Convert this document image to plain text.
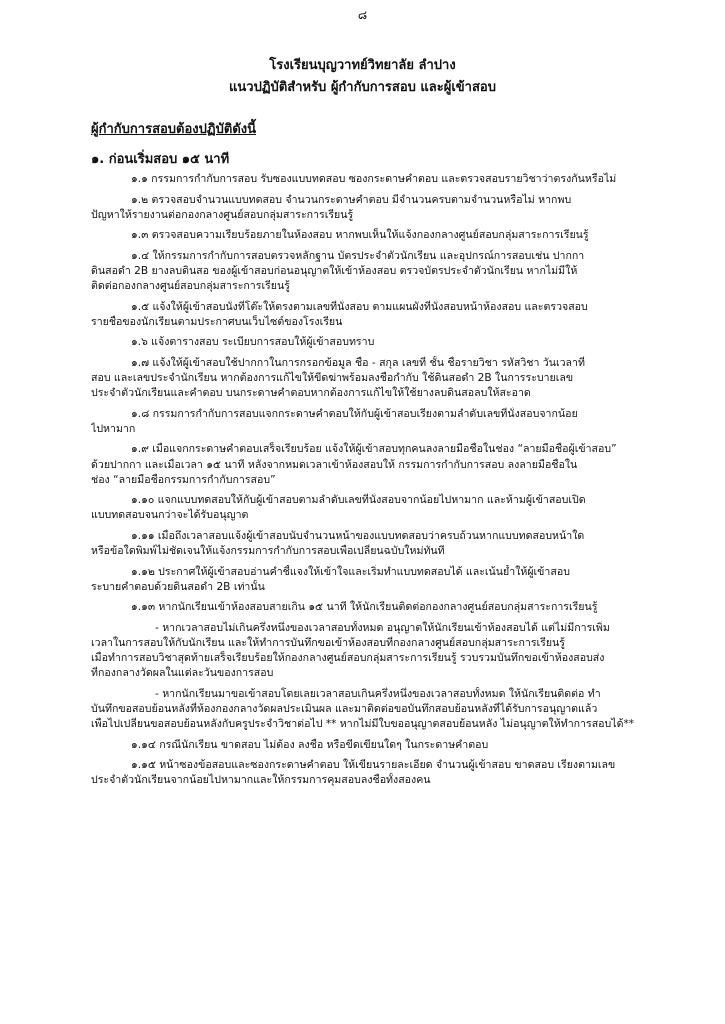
๘
โรงเรียนบุญวาทย์วิทยาลัย ลำปาง
แนวปฏิบัติสำหรับ ผู้กำกับการสอบ และผู้เข้าสอบ
ผู้กำกับการสอบต้องปฏิบัติดังนี้
๑. ก่อนเริ่มสอบ ๑๕ นาที
๑.๑ กรรมการกำกับการสอบ รับซองแบบทดสอบ ซองกระดาษคำตอบ และตรวจสอบรายวิชาว่าตรงกันหรือไม่
๑.๒ ตรวจสอบจำนวนแบบทดสอบ จำนวนกระดาษคำตอบ มีจำนวนครบตามจำนวนหรือไม่ หากพบ
ปัญหาให้รายงานต่อกองกลางศูนย์สอบกลุ่มสาระการเรียนรู้
๑.๓ ตรวจสอบความเรียบร้อยภายในห้องสอบ หากพบเห็นให้แจ้งกองกลางศูนย์สอบกลุ่มสาระการเรียนรู้
๑.๔ ให้กรรมการกำกับการสอบตรวจหลักฐาน บัตรประจำตัวนักเรียน และอุปกรณ์การสอบเช่น ปากกา
ดินสอดำ 2B ยางลบดินสอ ของผู้เข้าสอบก่อนอนุญาตให้เข้าห้องสอบ ตรวจบัตรประจำตัวนักเรียน หากไม่มีให้
ติดต่อกองกลางศูนย์สอบกลุ่มสาระการเรียนรู้
๑.๕ แจ้งให้ผู้เข้าสอบนั่งที่โต๊ะให้ตรงตามเลขที่นั่งสอบ ตามแผนผังที่นั่งสอบหน้าห้องสอบ และตรวจสอบ
รายชื่อของนักเรียนตามประกาศบนเว็บไซต์ของโรงเรียน
๑.๖ แจ้งตารางสอบ ระเบียบการสอบให้ผู้เข้าสอบทราบ
๑.๗ แจ้งให้ผู้เข้าสอบใช้ปากกาในการกรอกข้อมูล ชื่อ - สกุล เลขที่ ชั้น ชื่อรายวิชา รหัสวิชา วันเวลาที่
สอบ และเลขประจำนักเรียน หากต้องการแก้ไขให้ขีดฆ่าพร้อมลงชื่อกำกับ ใช้ดินสอดำ 2B ในการระบายเลข
ประจำตัวนักเรียนและคำตอบ บนกระดาษคำตอบหากต้องการแก้ไขให้ใช้ยางลบดินสอลบให้สะอาด
๑.๘ กรรมการกำกับการสอบแจกกระดาษคำตอบให้กับผู้เข้าสอบเรียงตามลำดับเลขที่นั่งสอบจากน้อย
ไปหามาก
๑.๙ เมื่อแจกกระดาษคำตอบเสร็จเรียบร้อย แจ้งให้ผู้เข้าสอบทุกคนลงลายมือชื่อในช่อง “ลายมือชื่อผู้เข้าสอบ”
ด้วยปากกา และเมื่อเวลา ๑๕ นาที หลังจากหมดเวลาเข้าห้องสอบให้ กรรมการกำกับการสอบ ลงลายมือชื่อใน
ช่อง “ลายมือชื่อกรรมการกำกับการสอบ”
๑.๑๐ แจกแบบทดสอบให้กับผู้เข้าสอบตามลำดับเลขที่นั่งสอบจากน้อยไปหามาก และห้ามผู้เข้าสอบเปิด
แบบทดสอบจนกว่าจะได้รับอนุญาต
๑.๑๑ เมื่อถึงเวลาสอบแจ้งผู้เข้าสอบนับจำนวนหน้าของแบบทดสอบว่าครบถ้วนหากแบบทดสอบหน้าใด
หรือข้อใดพิมพ์ไม่ชัดเจนให้แจ้งกรรมการกำกับการสอบเพื่อเปลี่ยนฉบับใหม่ทันที
๑.๑๒ ประกาศให้ผู้เข้าสอบอ่านคำชี้แจงให้เข้าใจและเริ่มทำแบบทดสอบได้ และเน้นย้ำให้ผู้เข้าสอบ
ระบายคำตอบด้วยดินสอดำ 2B เท่านั้น
๑.๑๓ หากนักเรียนเข้าห้องสอบสายเกิน ๑๕ นาที ให้นักเรียนติดต่อกองกลางศูนย์สอบกลุ่มสาระการเรียนรู้
- หากเวลาสอบไม่เกินครึ่งหนึ่งของเวลาสอบทั้งหมด อนุญาตให้นักเรียนเข้าห้องสอบได้ แต่ไม่มีการเพิ่ม
เวลาในการสอบให้กับนักเรียน และให้ทำการบันทึกขอเข้าห้องสอบที่กองกลางศูนย์สอบกลุ่มสาระการเรียนรู้
เมื่อทำการสอบวิชาสุดท้ายเสร็จเรียบร้อยให้กองกลางศูนย์สอบกลุ่มสาระการเรียนรู้ รวบรวมบันทึกขอเข้าห้องสอบส่ง
ที่กองกลางวัดผลในแต่ละวันของการสอบ
- หากนักเรียนมาขอเข้าสอบโดยเลยเวลาสอบเกินครึ่งหนึ่งของเวลาสอบทั้งหมด ให้นักเรียนติดต่อ ทำ
บันทึกขอสอบย้อนหลังที่ห้องกองกลางวัดผลประเมินผล และมาติดต่อขอบันทึกสอบย้อนหลังที่ได้รับการอนุญาตแล้ว
เพื่อไปเปลี่ยนขอสอบย้อนหลังกับครูประจำวิชาต่อไป ** หากไม่มีใบขออนุญาตสอบย้อนหลัง ไม่อนุญาตให้ทำการสอบได้**
๑.๑๔ กรณีนักเรียน ขาดสอบ ไม่ต้อง ลงชื่อ หรือขีดเขียนใดๆ ในกระดาษคำตอบ
๑.๑๕ หน้าซองข้อสอบและซองกระดาษคำตอบ ให้เขียนรายละเอียด จำนวนผู้เข้าสอบ ขาดสอบ เรียงตามเลข
ประจำตัวนักเรียนจากน้อยไปหามากและให้กรรมการคุมสอบลงชื่อทั้งสองคน
